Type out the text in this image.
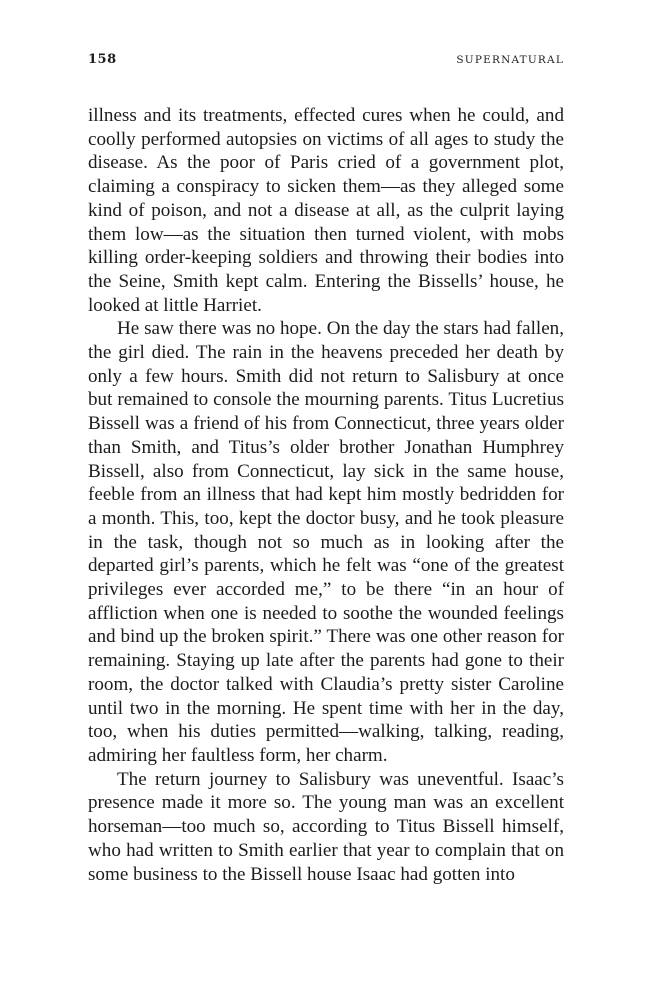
158	SUPERNATURAL

illness and its treatments, effected cures when he could, and coolly performed autopsies on victims of all ages to study the disease. As the poor of Paris cried of a government plot, claiming a conspiracy to sicken them—as they alleged some kind of poison, and not a disease at all, as the culprit laying them low—as the situation then turned violent, with mobs killing order-keeping soldiers and throwing their bodies into the Seine, Smith kept calm. Entering the Bissells’ house, he looked at little Harriet.

He saw there was no hope. On the day the stars had fallen, the girl died. The rain in the heavens preceded her death by only a few hours. Smith did not return to Salisbury at once but remained to console the mourning parents. Titus Lucretius Bissell was a friend of his from Connecticut, three years older than Smith, and Titus’s older brother Jonathan Humphrey Bissell, also from Connecticut, lay sick in the same house, feeble from an illness that had kept him mostly bedridden for a month. This, too, kept the doctor busy, and he took pleasure in the task, though not so much as in looking after the departed girl’s parents, which he felt was “one of the greatest privileges ever accorded me,” to be there “in an hour of affliction when one is needed to soothe the wounded feelings and bind up the broken spirit.” There was one other reason for remaining. Staying up late after the parents had gone to their room, the doctor talked with Claudia’s pretty sister Caroline until two in the morning. He spent time with her in the day, too, when his duties permitted—walking, talking, reading, admiring her faultless form, her charm.

The return journey to Salisbury was uneventful. Isaac’s presence made it more so. The young man was an excellent horseman—too much so, according to Titus Bissell himself, who had written to Smith earlier that year to complain that on some business to the Bissell house Isaac had gotten into
